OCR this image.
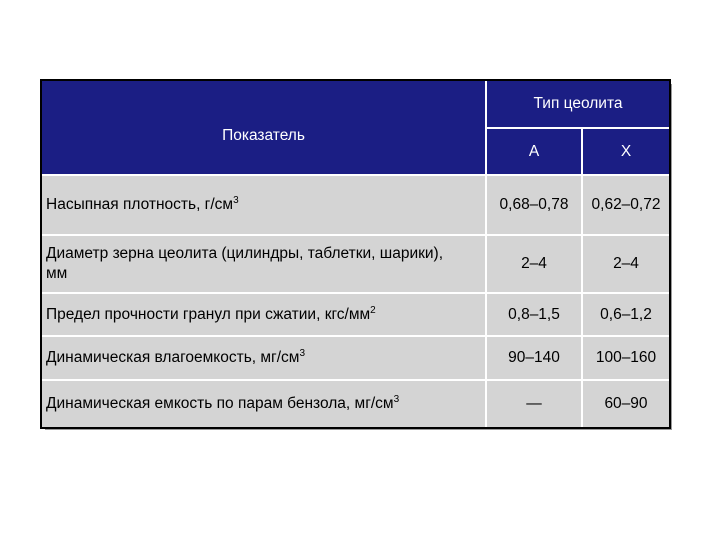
Показатель	Тип цеолита	
	А	Х
Насыпная плотность, $г/см^3$	0,68–0,78	0,62–0,72
Диаметр зерна цеолита (цилиндры, таблетки, шарики), мм	2–4	2–4
Предел прочности гранул при сжатии, кгс/$мм^2$	0,8–1,5	0,6–1,2
Динамическая влагоемкость, $мг/см^3$	90–140	100–160
Динамическая емкость по парам бензола, $мг/см^3$	—	60–90
